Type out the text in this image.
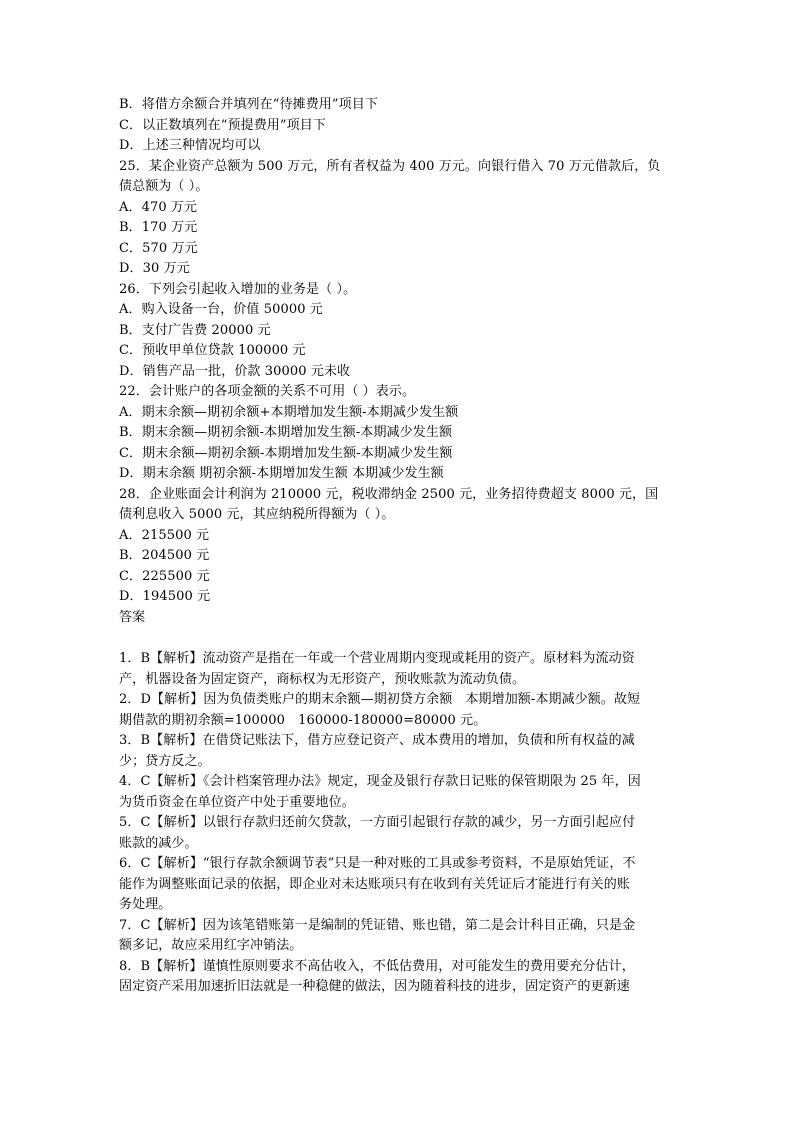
B．将借方余额合并填列在“待摊费用”项目下
C．以正数填列在“预提费用”项目下
D．上述三种情况均可以
25．某企业资产总额为 500 万元，所有者权益为 400 万元。向银行借入 70 万元借款后，负
债总额为（ ）。
A．470 万元
B．170 万元
C．570 万元
D．30 万元
26．下列会引起收入增加的业务是（ ）。
A．购入设备一台，价值 50000 元
B．支付广告费 20000 元
C．预收甲单位贷款 100000 元
D．销售产品一批，价款 30000 元未收
22．会计账户的各项金额的关系不可用（ ）表示。
A．期末余额—期初余额+本期增加发生额-本期减少发生额
B．期末余额—期初余额-本期增加发生额-本期减少发生额
C．期末余额—期初余额-本期增加发生额-本期减少发生额
D．期末余额 期初余额-本期增加发生额 本期减少发生额
28．企业账面会计利润为 210000 元，税收滞纳金 2500 元，业务招待费超支 8000 元，国
债利息收入 5000 元，其应纳税所得额为（ ）。
A．215500 元
B．204500 元
C．225500 元
D．194500 元
答案
1．B【解析】流动资产是指在一年或一个营业周期内变现或耗用的资产。原材料为流动资
产，机器设备为固定资产，商标权为无形资产，预收账款为流动负债。
2．D【解析】因为负债类账户的期末余额—期初贷方余额　本期增加额-本期减少额。故短
期借款的期初余额=100000　160000-180000=80000 元。
3．B【解析】在借贷记账法下，借方应登记资产、成本费用的增加，负债和所有权益的减
少；贷方反之。
4．C【解析】《会计档案管理办法》规定，现金及银行存款日记账的保管期限为 25 年，因
为货币资金在单位资产中处于重要地位。
5．C【解析】以银行存款归还前欠贷款，一方面引起银行存款的减少，另一方面引起应付
账款的减少。
6．C【解析】“银行存款余额调节表”只是一种对账的工具或参考资料，不是原始凭证，不
能作为调整账面记录的依据，即企业对未达账项只有在收到有关凭证后才能进行有关的账
务处理。
7．C【解析】因为该笔错账第一是编制的凭证错、账也错，第二是会计科目正确，只是金
额多记，故应采用红字冲销法。
8．B【解析】谨慎性原则要求不高估收入，不低估费用，对可能发生的费用要充分估计，
固定资产采用加速折旧法就是一种稳健的做法，因为随着科技的进步，固定资产的更新速
